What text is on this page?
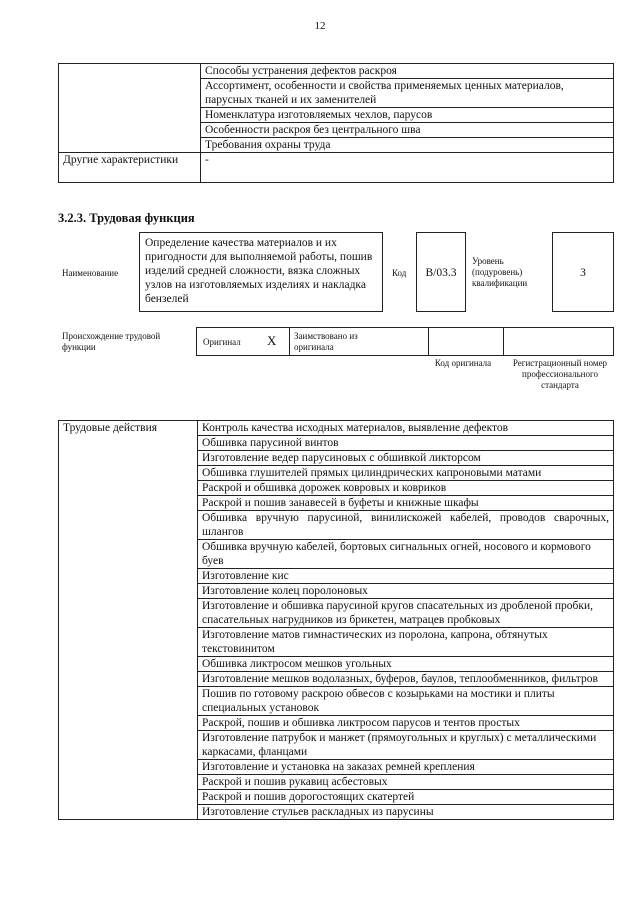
12
	Способы устранения дефектов раскроя
	Ассортимент, особенности и свойства применяемых ценных материалов, парусных тканей и их заменителей
	Номенклатура изготовляемых чехлов, парусов
	Особенности раскроя без центрального шва
	Требования охраны труда
Другие характеристики	-
3.2.3. Трудовая функция
Наименование
Определение качества материалов и их пригодности для выполняемой работы, пошив изделий средней сложности, вязка сложных узлов на изготовляемых изделиях и накладка бензелей
Код	B/03.3
Уровень (подуровень) квалификации
3
Происхождение трудовой функции	Оригинал X Заимствовано из оригинала
Код оригинала	Регистрационный номер профессионального стандарта
Трудовые действия	Контроль качества исходных материалов, выявление дефектов
Обшивка парусиной винтов
Изготовление ведер парусиновых с обшивкой ликторсом
Обшивка глушителей прямых цилиндрических капроновыми матами
Раскрой и обшивка дорожек ковровых и ковриков
Раскрой и пошив занавесей в буфеты и книжные шкафы
Обшивка вручную парусиной, винилискожей кабелей, проводов сварочных, шлангов
Обшивка вручную кабелей, бортовых сигнальных огней, носового и кормового буев
Изготовление кис
Изготовление колец поролоновых
Изготовление и обшивка парусиной кругов спасательных из дробленой пробки, спасательных нагрудников из брикетен, матрацев пробковых
Изготовление матов гимнастических из поролона, капрона, обтянутых текстовинитом
Обшивка ликтросом мешков угольных
Изготовление мешков водолазных, буферов, баулов, теплообменников, фильтров
Пошив по готовому раскрою обвесов с козырьками на мостики и плиты специальных установок
Раскрой, пошив и обшивка ликтросом парусов и тентов простых
Изготовление патрубок и манжет (прямоугольных и круглых) с металлическими каркасами, фланцами
Изготовление и установка на заказах ремней крепления
Раскрой и пошив рукавиц асбестовых
Раскрой и пошив дорогостоящих скатертей
Изготовление стульев раскладных из парусины
